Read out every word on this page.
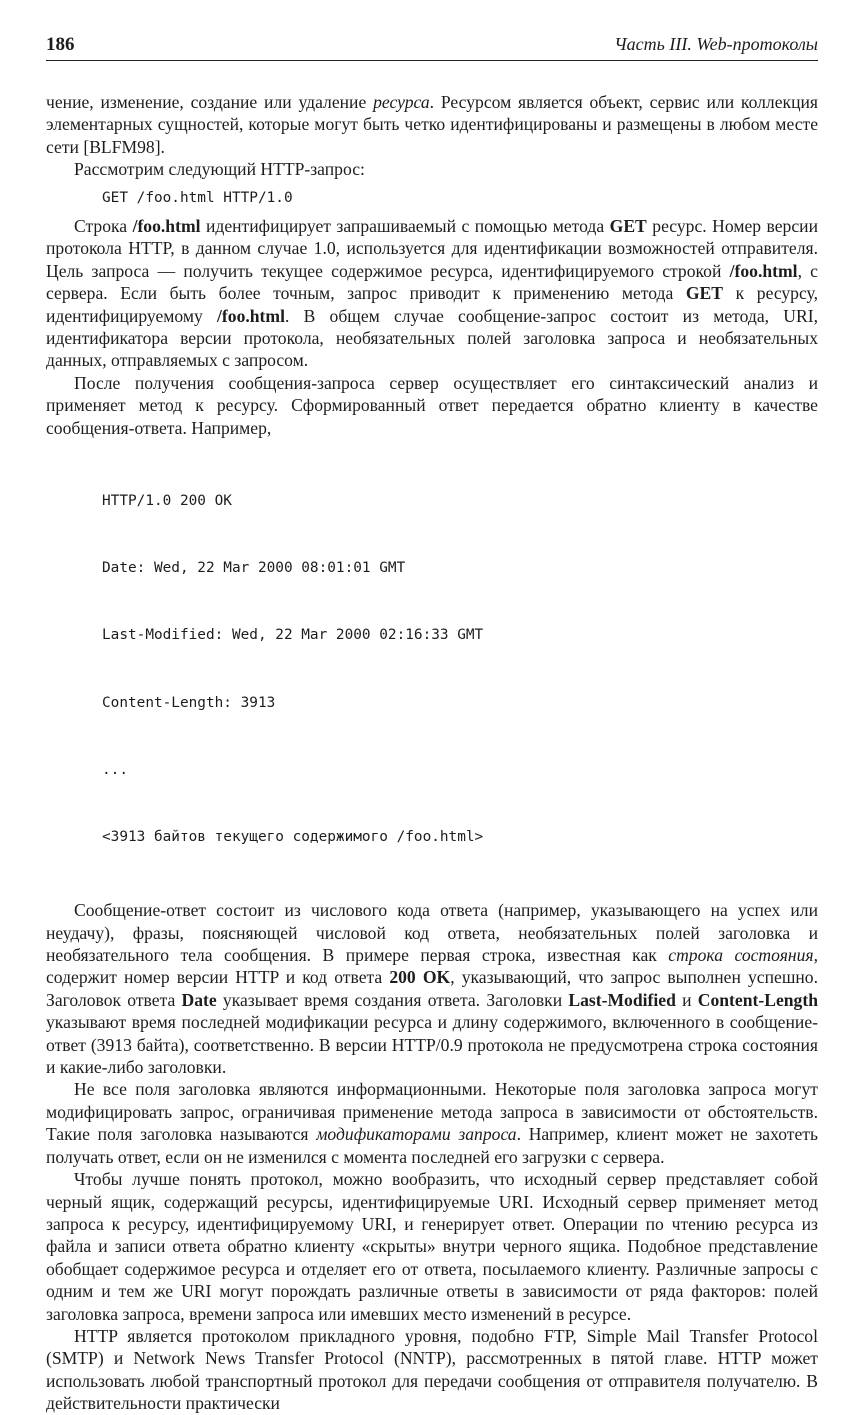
186	Часть III. Web-протоколы

чение, изменение, создание или удаление ресурса. Ресурсом является объект, сервис или коллекция элементарных сущностей, которые могут быть четко идентифицированы и размещены в любом месте сети [BLFM98].

Рассмотрим следующий HTTP-запрос:

GET /foo.html HTTP/1.0

Строка /foo.html идентифицирует запрашиваемый с помощью метода GET ресурс. Номер версии протокола HTTP, в данном случае 1.0, используется для идентификации возможностей отправителя. Цель запроса — получить текущее содержимое ресурса, идентифицируемого строкой /foo.html, с сервера. Если быть более точным, запрос приводит к применению метода GET к ресурсу, идентифицируемому /foo.html. В общем случае сообщение-запрос состоит из метода, URI, идентификатора версии протокола, необязательных полей заголовка запроса и необязательных данных, отправляемых с запросом.

После получения сообщения-запроса сервер осуществляет его синтаксический анализ и применяет метод к ресурсу. Сформированный ответ передается обратно клиенту в качестве сообщения-ответа. Например,

HTTP/1.0 200 OK

Date: Wed, 22 Mar 2000 08:01:01 GMT

Last-Modified: Wed, 22 Mar 2000 02:16:33 GMT

Content-Length: 3913

...

<3913 байтов текущего содержимого /foo.html>

Сообщение-ответ состоит из числового кода ответа (например, указывающего на успех или неудачу), фразы, поясняющей числовой код ответа, необязательных полей заголовка и необязательного тела сообщения. В примере первая строка, известная как строка состояния, содержит номер версии HTTP и код ответа 200 OK, указывающий, что запрос выполнен успешно. Заголовок ответа Date указывает время создания ответа. Заголовки Last-Modified и Content-Length указывают время последней модификации ресурса и длину содержимого, включенного в сообщение-ответ (3913 байта), соответственно. В версии HTTP/0.9 протокола не предусмотрена строка состояния и какие-либо заголовки.

Не все поля заголовка являются информационными. Некоторые поля заголовка запроса могут модифицировать запрос, ограничивая применение метода запроса в зависимости от обстоятельств. Такие поля заголовка называются модификаторами запроса. Например, клиент может не захотеть получать ответ, если он не изменился с момента последней его загрузки с сервера.

Чтобы лучше понять протокол, можно вообразить, что исходный сервер представляет собой черный ящик, содержащий ресурсы, идентифицируемые URI. Исходный сервер применяет метод запроса к ресурсу, идентифицируемому URI, и генерирует ответ. Операции по чтению ресурса из файла и записи ответа обратно клиенту «скрыты» внутри черного ящика. Подобное представление обобщает содержимое ресурса и отделяет его от ответа, посылаемого клиенту. Различные запросы с одним и тем же URI могут порождать различные ответы в зависимости от ряда факторов: полей заголовка запроса, времени запроса или имевших место изменений в ресурсе.

HTTP является протоколом прикладного уровня, подобно FTP, Simple Mail Transfer Protocol (SMTP) и Network News Transfer Protocol (NNTP), рассмотренных в пятой главе. HTTP может использовать любой транспортный протокол для передачи сообщения от отправителя получателю. В действительности практически
